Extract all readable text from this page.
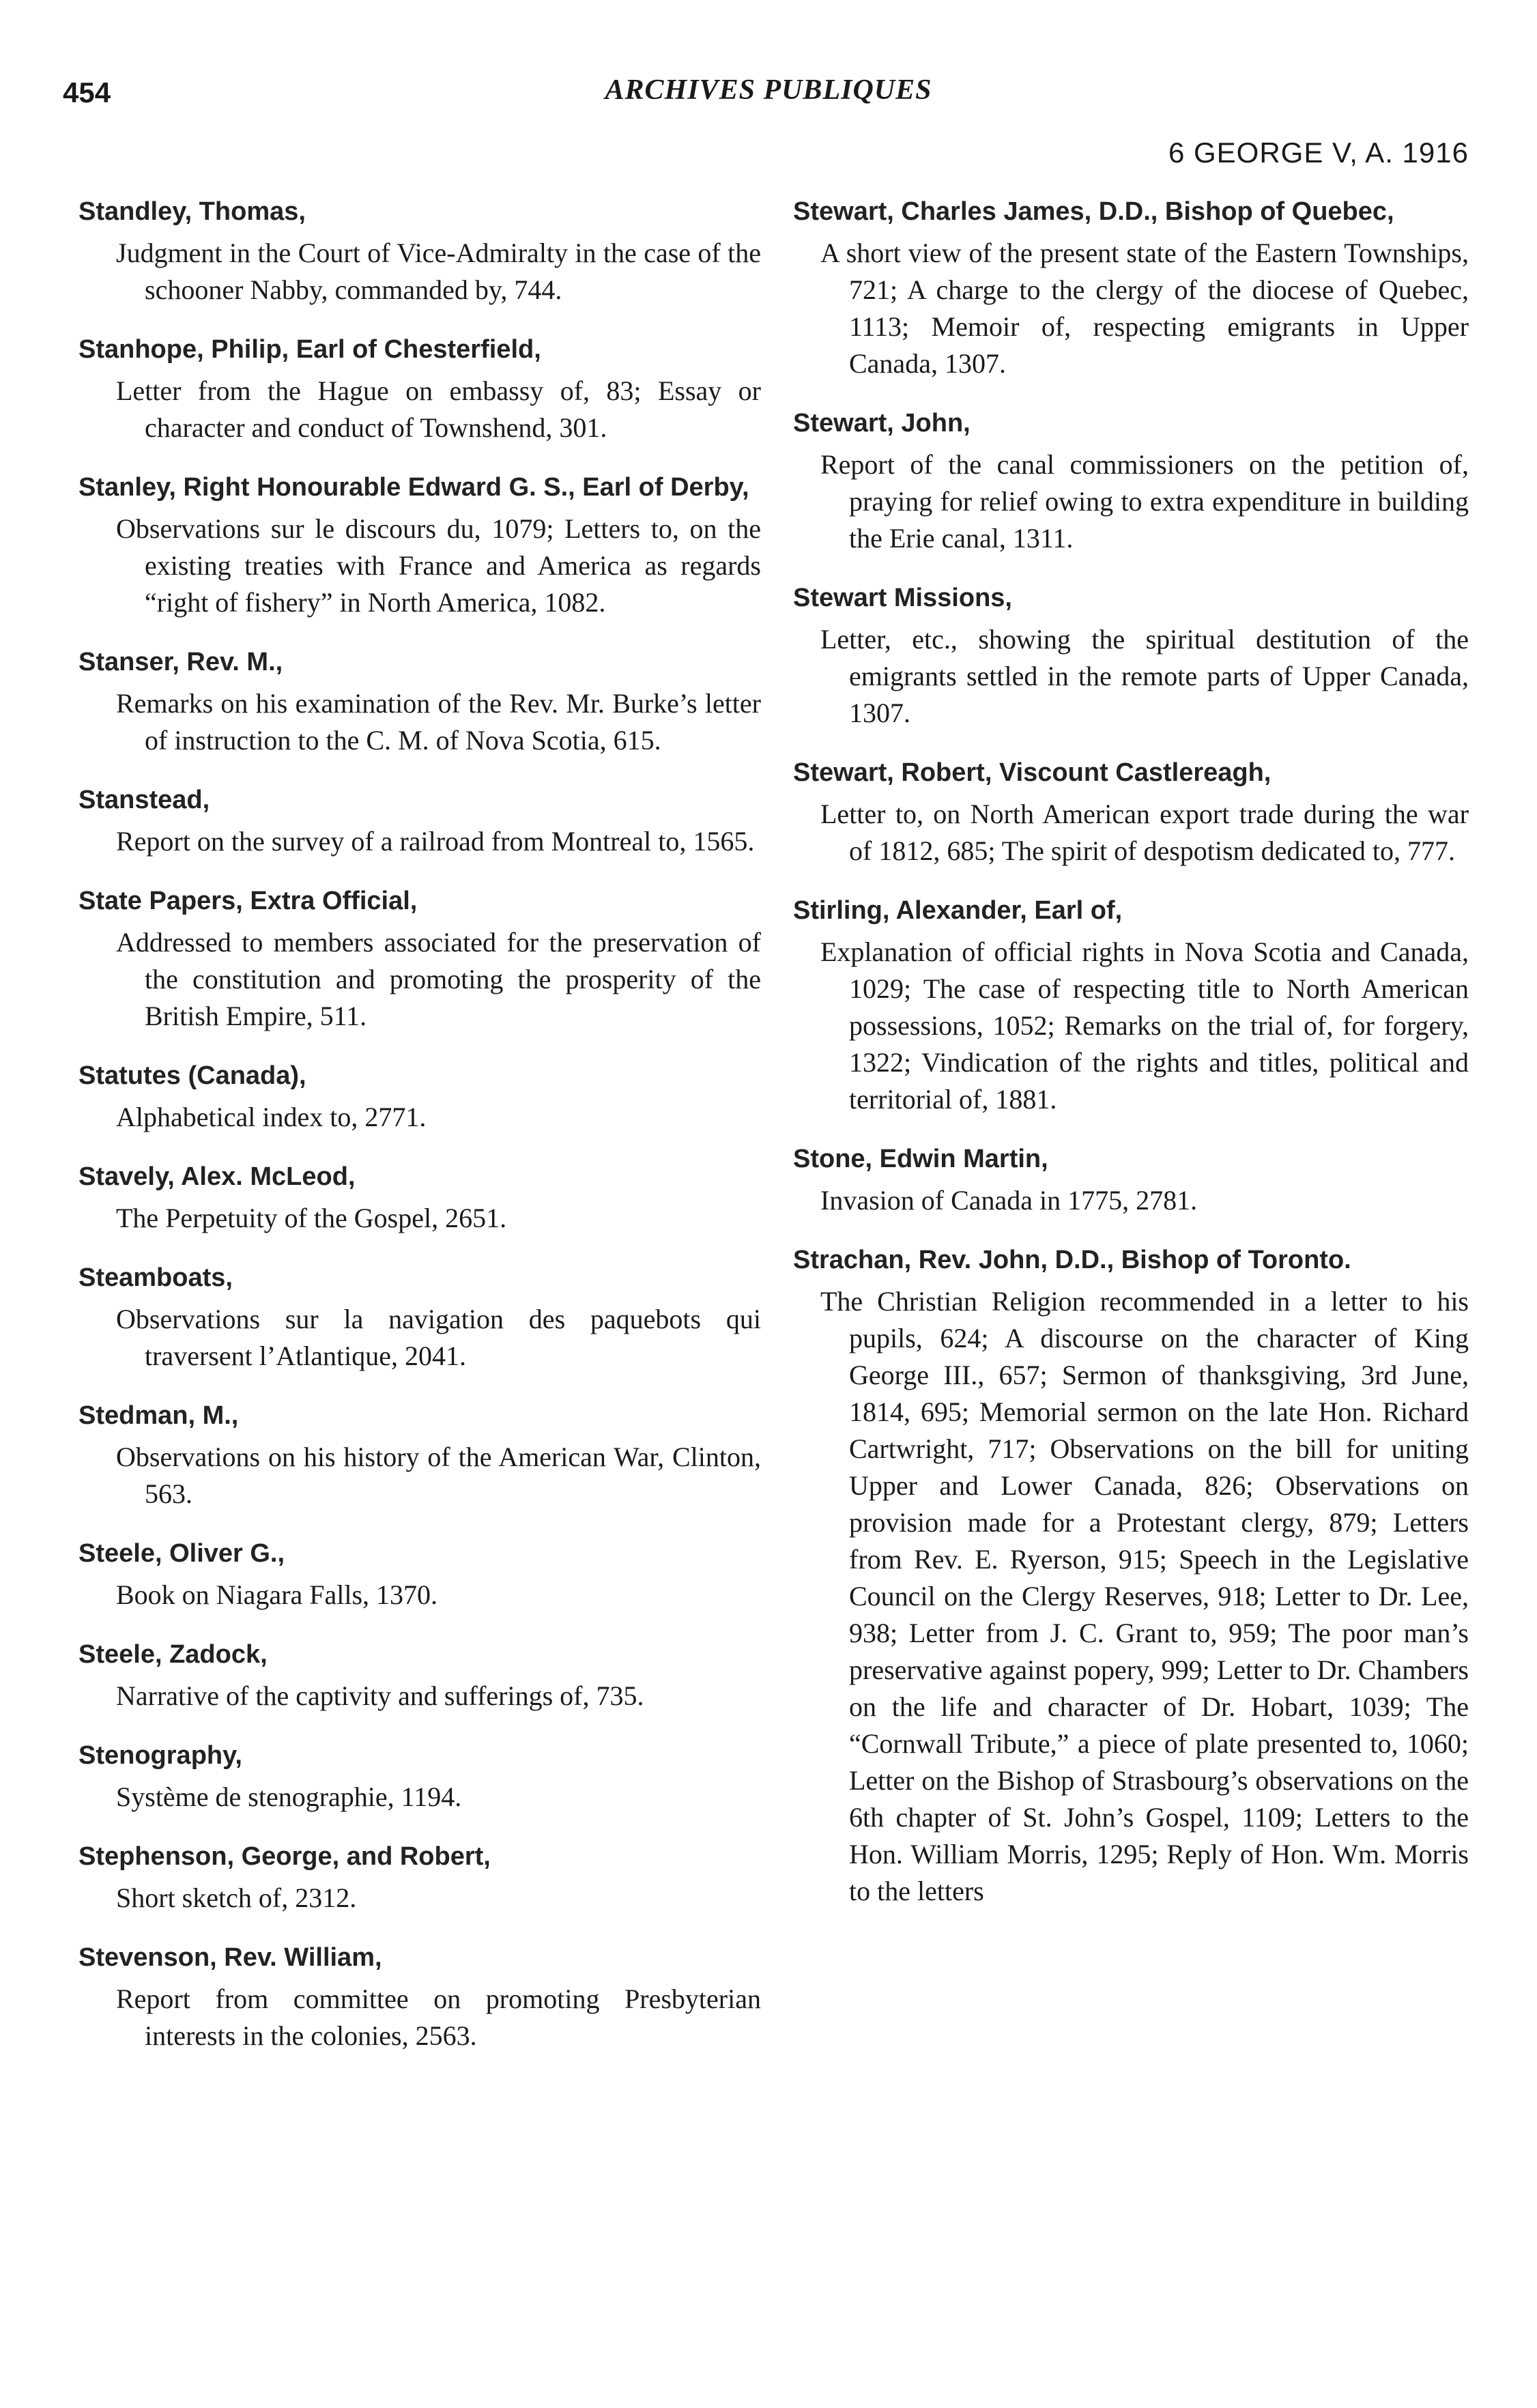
454	ARCHIVES PUBLIQUES
6 GEORGE V, A. 1916
Standley, Thomas,
Judgment in the Court of Vice-Admiralty in the case of the schooner Nabby, commanded by, 744.
Stanhope, Philip, Earl of Chesterfield,
Letter from the Hague on embassy of, 83; Essay or character and conduct of Townshend, 301.
Stanley, Right Honourable Edward G. S., Earl of Derby,
Observations sur le discours du, 1079; Letters to, on the existing treaties with France and America as regards “right of fishery” in North America, 1082.
Stanser, Rev. M.,
Remarks on his examination of the Rev. Mr. Burke’s letter of instruction to the C. M. of Nova Scotia, 615.
Stanstead,
Report on the survey of a railroad from Montreal to, 1565.
State Papers, Extra Official,
Addressed to members associated for the preservation of the constitution and promoting the prosperity of the British Empire, 511.
Statutes (Canada),
Alphabetical index to, 2771.
Stavely, Alex. McLeod,
The Perpetuity of the Gospel, 2651.
Steamboats,
Observations sur la navigation des paquebots qui traversent l’Atlantique, 2041.
Stedman, M.,
Observations on his history of the American War, Clinton, 563.
Steele, Oliver G.,
Book on Niagara Falls, 1370.
Steele, Zadock,
Narrative of the captivity and sufferings of, 735.
Stenography,
Système de stenographie, 1194.
Stephenson, George, and Robert,
Short sketch of, 2312.
Stevenson, Rev. William,
Report from committee on promoting Presbyterian interests in the colonies, 2563.
Stewart, Charles James, D.D., Bishop of Quebec,
A short view of the present state of the Eastern Townships, 721; A charge to the clergy of the diocese of Quebec, 1113; Memoir of, respecting emigrants in Upper Canada, 1307.
Stewart, John,
Report of the canal commissioners on the petition of, praying for relief owing to extra expenditure in building the Erie canal, 1311.
Stewart Missions,
Letter, etc., showing the spiritual destitution of the emigrants settled in the remote parts of Upper Canada, 1307.
Stewart, Robert, Viscount Castlereagh,
Letter to, on North American export trade during the war of 1812, 685; The spirit of despotism dedicated to, 777.
Stirling, Alexander, Earl of,
Explanation of official rights in Nova Scotia and Canada, 1029; The case of respecting title to North American possessions, 1052; Remarks on the trial of, for forgery, 1322; Vindication of the rights and titles, political and territorial of, 1881.
Stone, Edwin Martin,
Invasion of Canada in 1775, 2781.
Strachan, Rev. John, D.D., Bishop of Toronto.
The Christian Religion recommended in a letter to his pupils, 624; A discourse on the character of King George III., 657; Sermon of thanksgiving, 3rd June, 1814, 695; Memorial sermon on the late Hon. Richard Cartwright, 717; Observations on the bill for uniting Upper and Lower Canada, 826; Observations on provision made for a Protestant clergy, 879; Letters from Rev. E. Ryerson, 915; Speech in the Legislative Council on the Clergy Reserves, 918; Letter to Dr. Lee, 938; Letter from J. C. Grant to, 959; The poor man’s preservative against popery, 999; Letter to Dr. Chambers on the life and character of Dr. Hobart, 1039; The “Cornwall Tribute,” a piece of plate presented to, 1060; Letter on the Bishop of Strasbourg’s observations on the 6th chapter of St. John’s Gospel, 1109; Letters to the Hon. William Morris, 1295; Reply of Hon. Wm. Morris to the letters
